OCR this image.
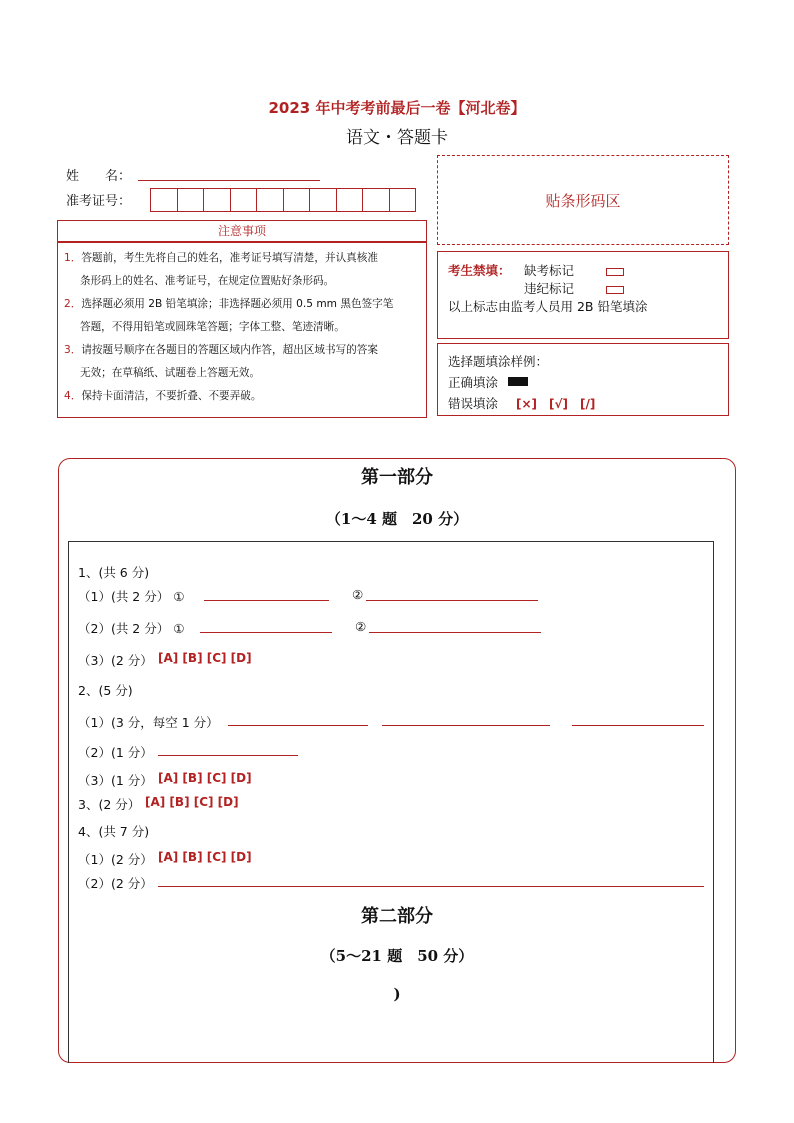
2023 年中考考前最后一卷【河北卷】
语文・答题卡
姓　　名：
准考证号：	贴条形码区
注意事项
1．答题前，考生先将自己的姓名，准考证号填写清楚，并认真核准
条形码上的姓名、准考证号，在规定位置贴好条形码。
2．选择题必须用 2B 铅笔填涂；非选择题必须用 0.5 mm 黑色签字笔
答题，不得用铅笔或圆珠笔答题；字体工整、笔迹清晰。
3．请按题号顺序在各题目的答题区域内作答，超出区域书写的答案
无效；在草稿纸、试题卷上答题无效。
4．保持卡面清洁，不要折叠、不要弄破。
考生禁填： 缺考标记
违纪标记
以上标志由监考人员用 2B 铅笔填涂
选择题填涂样例：
正确填涂
错误填涂 [×]　[√]　[/]
第一部分
（1～4 题　20 分）
1、(共 6 分)
（1）(共 2 分） ①	②
（2）(共 2 分） ①	②
（3）(2 分） [A] [B] [C] [D]
2、(5 分)
（1）(3 分，每空 1 分）
（2）(1 分）
（3）(1 分） [A] [B] [C] [D]
3、(2 分） [A] [B] [C] [D]
4、(共 7 分)
（1）(2 分） [A] [B] [C] [D]
（2）(2 分）
第二部分
（5～21 题　50 分）
)
